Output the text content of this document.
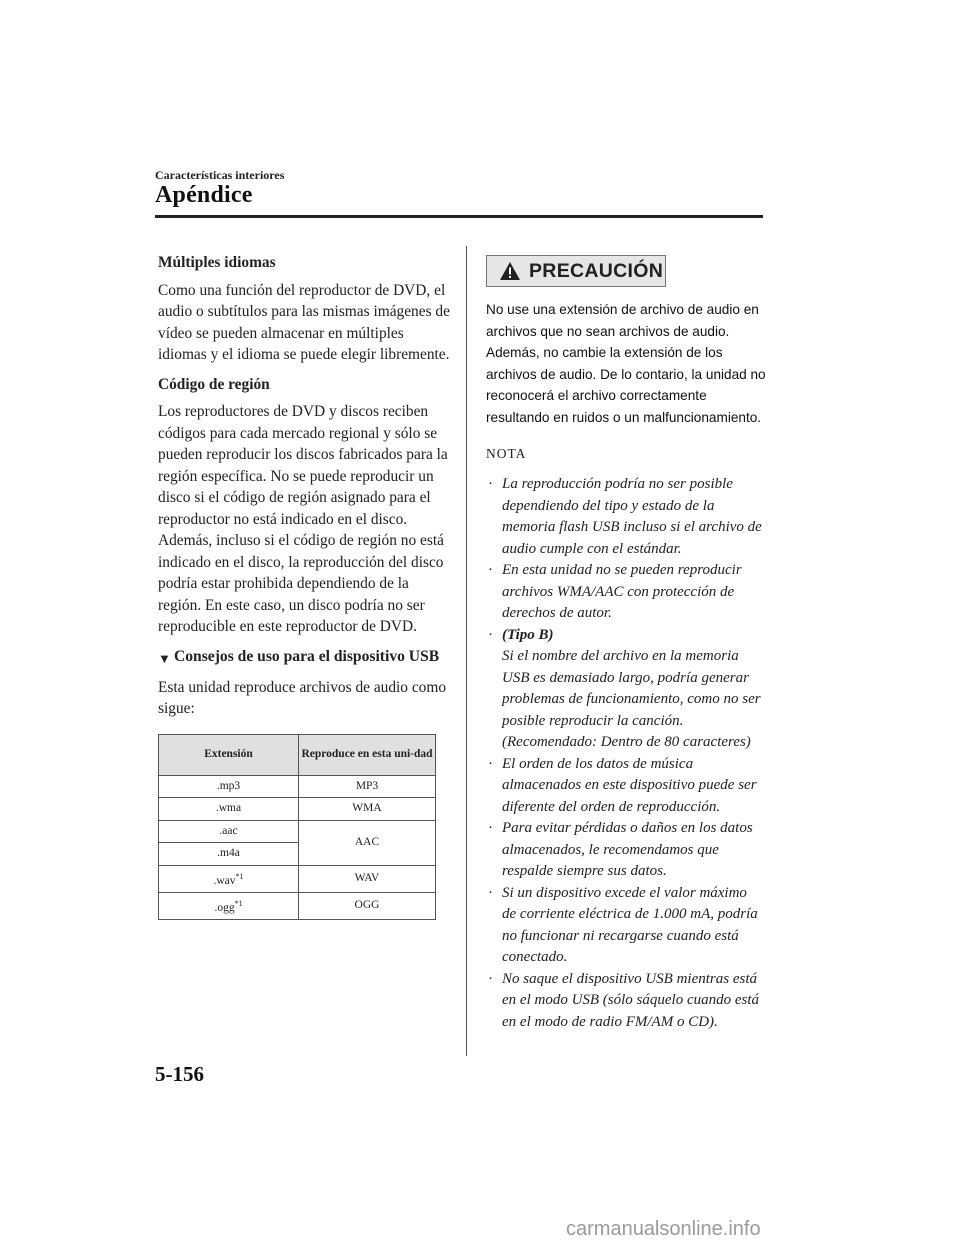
Características interiores
Apéndice
Múltiples idiomas
Como una función del reproductor de DVD, el audio o subtítulos para las mismas imágenes de vídeo se pueden almacenar en múltiples idiomas y el idioma se puede elegir libremente.
Código de región
Los reproductores de DVD y discos reciben códigos para cada mercado regional y sólo se pueden reproducir los discos fabricados para la región específica. No se puede reproducir un disco si el código de región asignado para el reproductor no está indicado en el disco. Además, incluso si el código de región no está indicado en el disco, la reproducción del disco podría estar prohibida dependiendo de la región. En este caso, un disco podría no ser reproducible en este reproductor de DVD.
▼ Consejos de uso para el dispositivo USB
Esta unidad reproduce archivos de audio como sigue:
Extensión	Reproduce en esta uni-dad
.mp3	MP3
.wma	WMA
.aac	AAC
.m4a	
.wav$^{*1}$	WAV
.ogg$^{*1}$	OGG
PRECAUCIÓN
No use una extensión de archivo de audio en archivos que no sean archivos de audio. Además, no cambie la extensión de los archivos de audio. De lo contario, la unidad no reconocerá el archivo correctamente resultando en ruidos o un malfuncionamiento.
NOTA
· La reproducción podría no ser posible dependiendo del tipo y estado de la memoria flash USB incluso si el archivo de audio cumple con el estándar.
· En esta unidad no se pueden reproducir archivos WMA/AAC con protección de derechos de autor.
· (Tipo B)
Si el nombre del archivo en la memoria USB es demasiado largo, podría generar problemas de funcionamiento, como no ser posible reproducir la canción.
(Recomendado: Dentro de 80 caracteres)
· El orden de los datos de música almacenados en este dispositivo puede ser diferente del orden de reproducción.
· Para evitar pérdidas o daños en los datos almacenados, le recomendamos que respalde siempre sus datos.
· Si un dispositivo excede el valor máximo de corriente eléctrica de 1.000 mA, podría no funcionar ni recargarse cuando está conectado.
· No saque el dispositivo USB mientras está en el modo USB (sólo sáquelo cuando está en el modo de radio FM/AM o CD).
5-156
carmanualsonline.info
